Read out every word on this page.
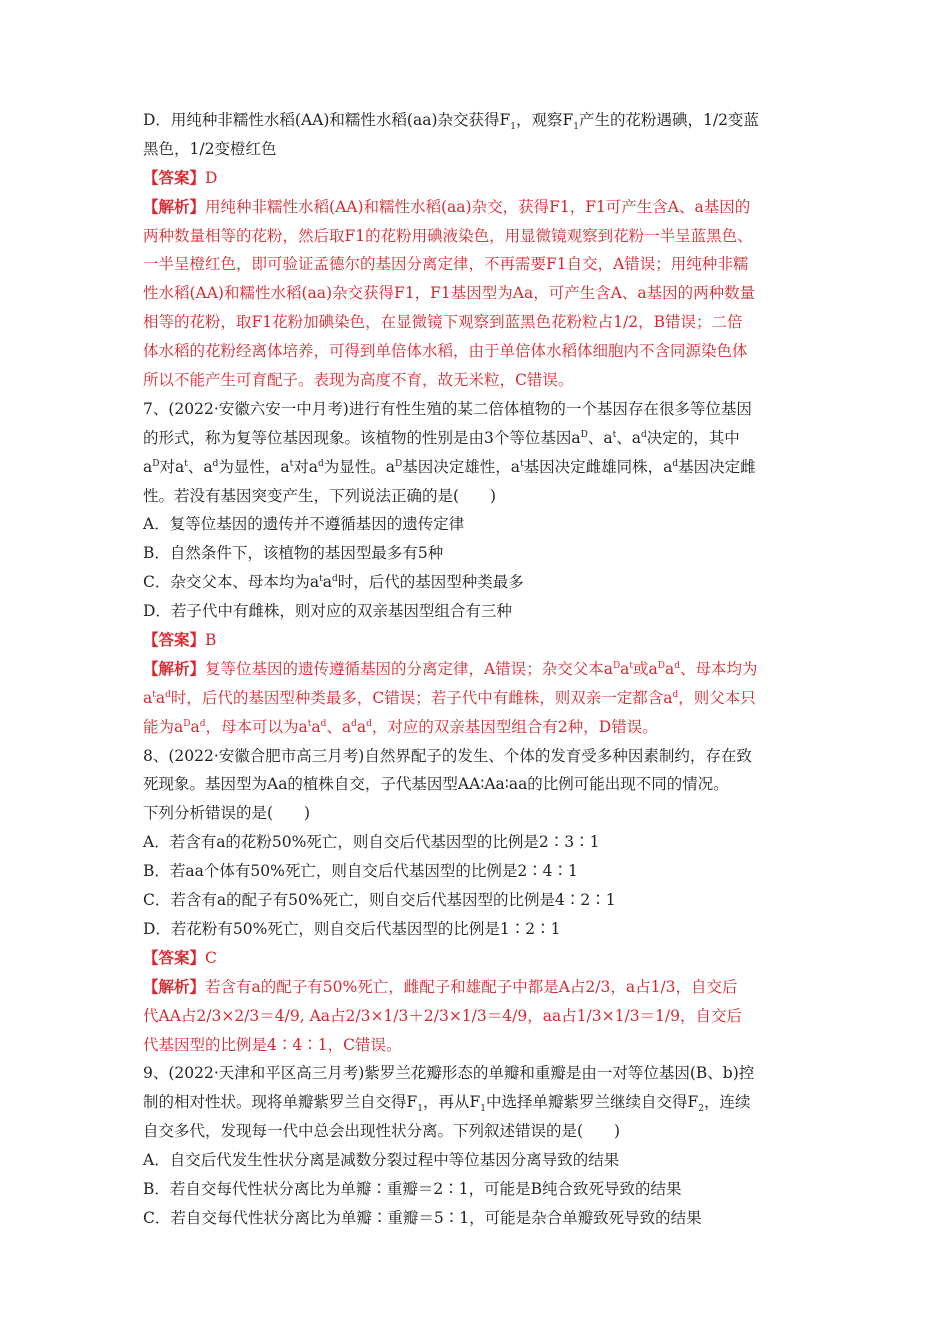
D．用纯种非糯性水稻(AA)和糯性水稻(aa)杂交获得$F_1$，观察$F_1$产生的花粉遇碘，1/2变蓝
黑色，1/2变橙红色
【答案】D
【解析】用纯种非糯性水稻(AA)和糯性水稻(aa)杂交，获得F1，F1可产生含A、a基因的
两种数量相等的花粉，然后取F1的花粉用碘液染色，用显微镜观察到花粉一半呈蓝黑色、
一半呈橙红色，即可验证孟德尔的基因分离定律，不再需要F1自交，A错误；用纯种非糯
性水稻(AA)和糯性水稻(aa)杂交获得F1，F1基因型为Aa，可产生含A、a基因的两种数量
相等的花粉，取F1花粉加碘染色，在显微镜下观察到蓝黑色花粉粒占1/2，B错误；二倍
体水稻的花粉经离体培养，可得到单倍体水稻，由于单倍体水稻体细胞内不含同源染色体
所以不能产生可育配子。表现为高度不育，故无米粒，C错误。
7、(2022·安徽六安一中月考)进行有性生殖的某二倍体植物的一个基因存在很多等位基因
的形式，称为复等位基因现象。该植物的性别是由3个等位基因$a^D$、$a^t$、$a^d$决定的，其中
$a^D$对$a^t$、$a^d$为显性，$a^t$对$a^d$为显性。$a^D$基因决定雄性，$a^t$基因决定雌雄同株，$a^d$基因决定雌
性。若没有基因突变产生，下列说法正确的是(　　)
A．复等位基因的遗传并不遵循基因的遗传定律
B．自然条件下，该植物的基因型最多有5种
C．杂交父本、母本均为$a^ta^d$时，后代的基因型种类最多
D．若子代中有雌株，则对应的双亲基因型组合有三种
【答案】B
【解析】复等位基因的遗传遵循基因的分离定律，A错误；杂交父本$a^Da^t$或$a^Da^d$、母本均为
$a^ta^d$时，后代的基因型种类最多，C错误；若子代中有雌株，则双亲一定都含$a^d$，则父本只
能为$a^Da^d$，母本可以为$a^ta^d$、$a^da^d$，对应的双亲基因型组合有2种，D错误。
8、(2022·安徽合肥市高三月考)自然界配子的发生、个体的发育受多种因素制约，存在致
死现象。基因型为Aa的植株自交，子代基因型AA∶Aa∶aa的比例可能出现不同的情况。
下列分析错误的是(　　)
A．若含有a的花粉50%死亡，则自交后代基因型的比例是2∶3∶1
B．若aa个体有50%死亡，则自交后代基因型的比例是2∶4∶1
C．若含有a的配子有50%死亡，则自交后代基因型的比例是4∶2∶1
D．若花粉有50%死亡，则自交后代基因型的比例是1∶2∶1
【答案】C
【解析】若含有a的配子有50%死亡，雌配子和雄配子中都是A占2/3，a占1/3，自交后
代AA占2/3×2/3＝4/9, Aa占2/3×1/3＋2/3×1/3＝4/9，aa占1/3×1/3＝1/9，自交后
代基因型的比例是4∶4∶1，C错误。
9、(2022·天津和平区高三月考)紫罗兰花瓣形态的单瓣和重瓣是由一对等位基因(B、b)控
制的相对性状。现将单瓣紫罗兰自交得$F_1$，再从$F_1$中选择单瓣紫罗兰继续自交得$F_2$，连续
自交多代，发现每一代中总会出现性状分离。下列叙述错误的是(　　)
A．自交后代发生性状分离是减数分裂过程中等位基因分离导致的结果
B．若自交每代性状分离比为单瓣∶重瓣＝2∶1，可能是B纯合致死导致的结果
C．若自交每代性状分离比为单瓣∶重瓣＝5∶1，可能是杂合单瓣致死导致的结果
